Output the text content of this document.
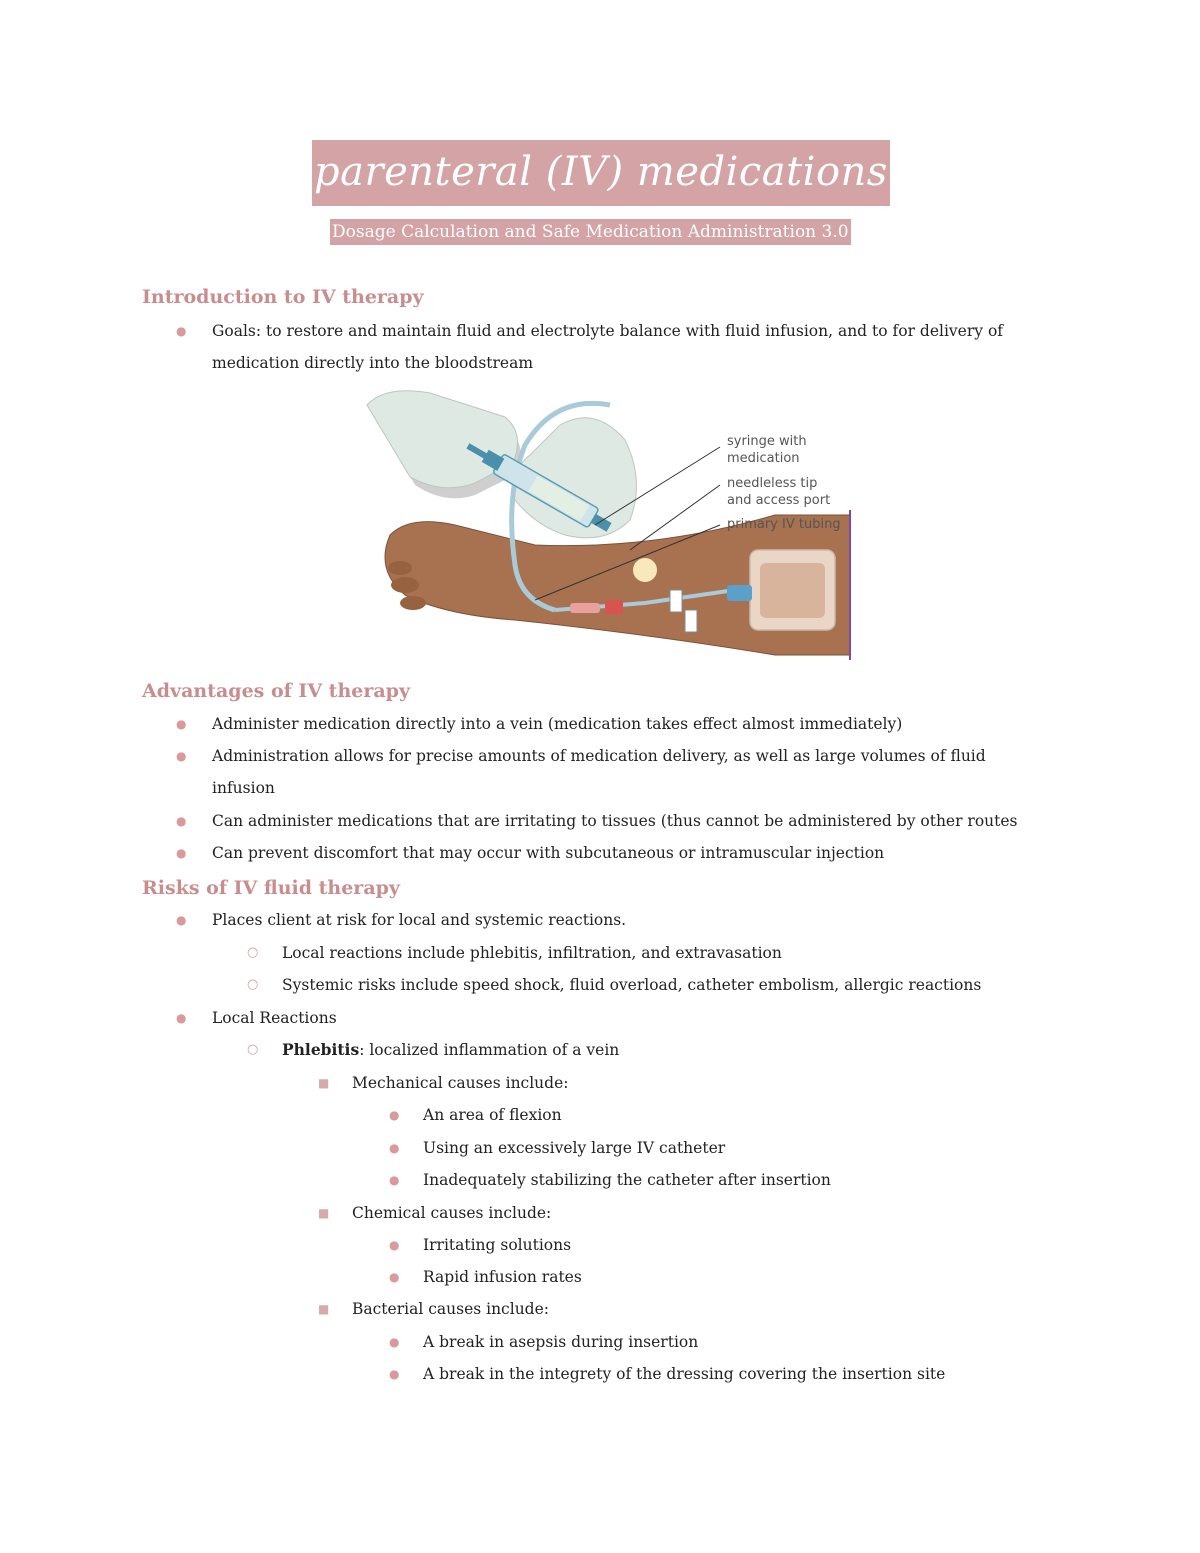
parenteral (IV) medications
Dosage Calculation and Safe Medication Administration 3.0
Introduction to IV therapy
● Goals: to restore and maintain fluid and electrolyte balance with fluid infusion, and to for delivery of
medication directly into the bloodstream
syringe with
medication
needleless tip
and access port
primary IV tubing
Advantages of IV therapy
● Administer medication directly into a vein (medication takes effect almost immediately)
● Administration allows for precise amounts of medication delivery, as well as large volumes of fluid
infusion
● Can administer medications that are irritating to tissues (thus cannot be administered by other routes
● Can prevent discomfort that may occur with subcutaneous or intramuscular injection
Risks of IV fluid therapy
● Places client at risk for local and systemic reactions.
○ Local reactions include phlebitis, infiltration, and extravasation
○ Systemic risks include speed shock, fluid overload, catheter embolism, allergic reactions
● Local Reactions
○ Phlebitis: localized inflammation of a vein
■ Mechanical causes include:
● An area of flexion
● Using an excessively large IV catheter
● Inadequately stabilizing the catheter after insertion
■ Chemical causes include:
● Irritating solutions
● Rapid infusion rates
■ Bacterial causes include:
● A break in asepsis during insertion
● A break in the integrety of the dressing covering the insertion site
